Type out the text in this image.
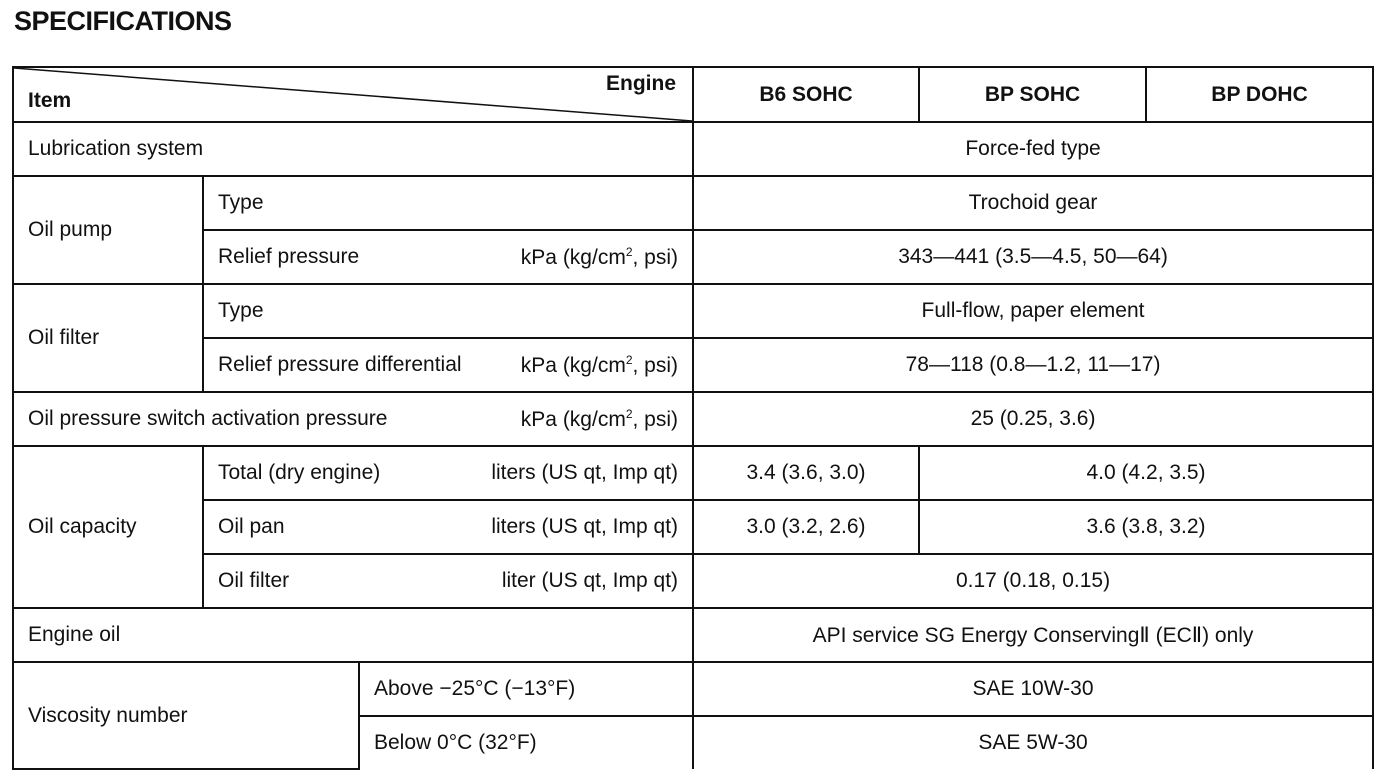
SPECIFICATIONS
Engine
Item			B6 SOHC	BP SOHC	BP DOHC
Lubrication system			Force-fed type		
Oil pump	Type		Trochoid gear		

	Relief pressure kPa ($kg/cm^2$, psi)		343—441 (3.5—4.5, 50—64)		
Oil filter	Type		Full-flow, paper element		

	Relief pressure differential kPa ($kg/cm^2$, psi)		78—118 (0.8—1.2, 11—17)		

Oil pressure switch activation pressure kPa ($kg/cm^2$, psi)			25 (0.25, 3.6)		
Oil capacity	Total (dry engine) liters (US qt, Imp qt)		3.4 (3.6, 3.0)	4.0 (4.2, 3.5)	

	Oil pan liters (US qt, Imp qt)		3.0 (3.2, 2.6)	3.6 (3.8, 3.2)	

	Oil filter liter (US qt, Imp qt)		0.17 (0.18, 0.15)		
Engine oil			API service SG Energy ConservingⅡ (ECⅡ) only		
Viscosity number		Above −25°C (−13°F)	SAE 10W-30		
		Below 0°C (32°F)	SAE 5W-30		
